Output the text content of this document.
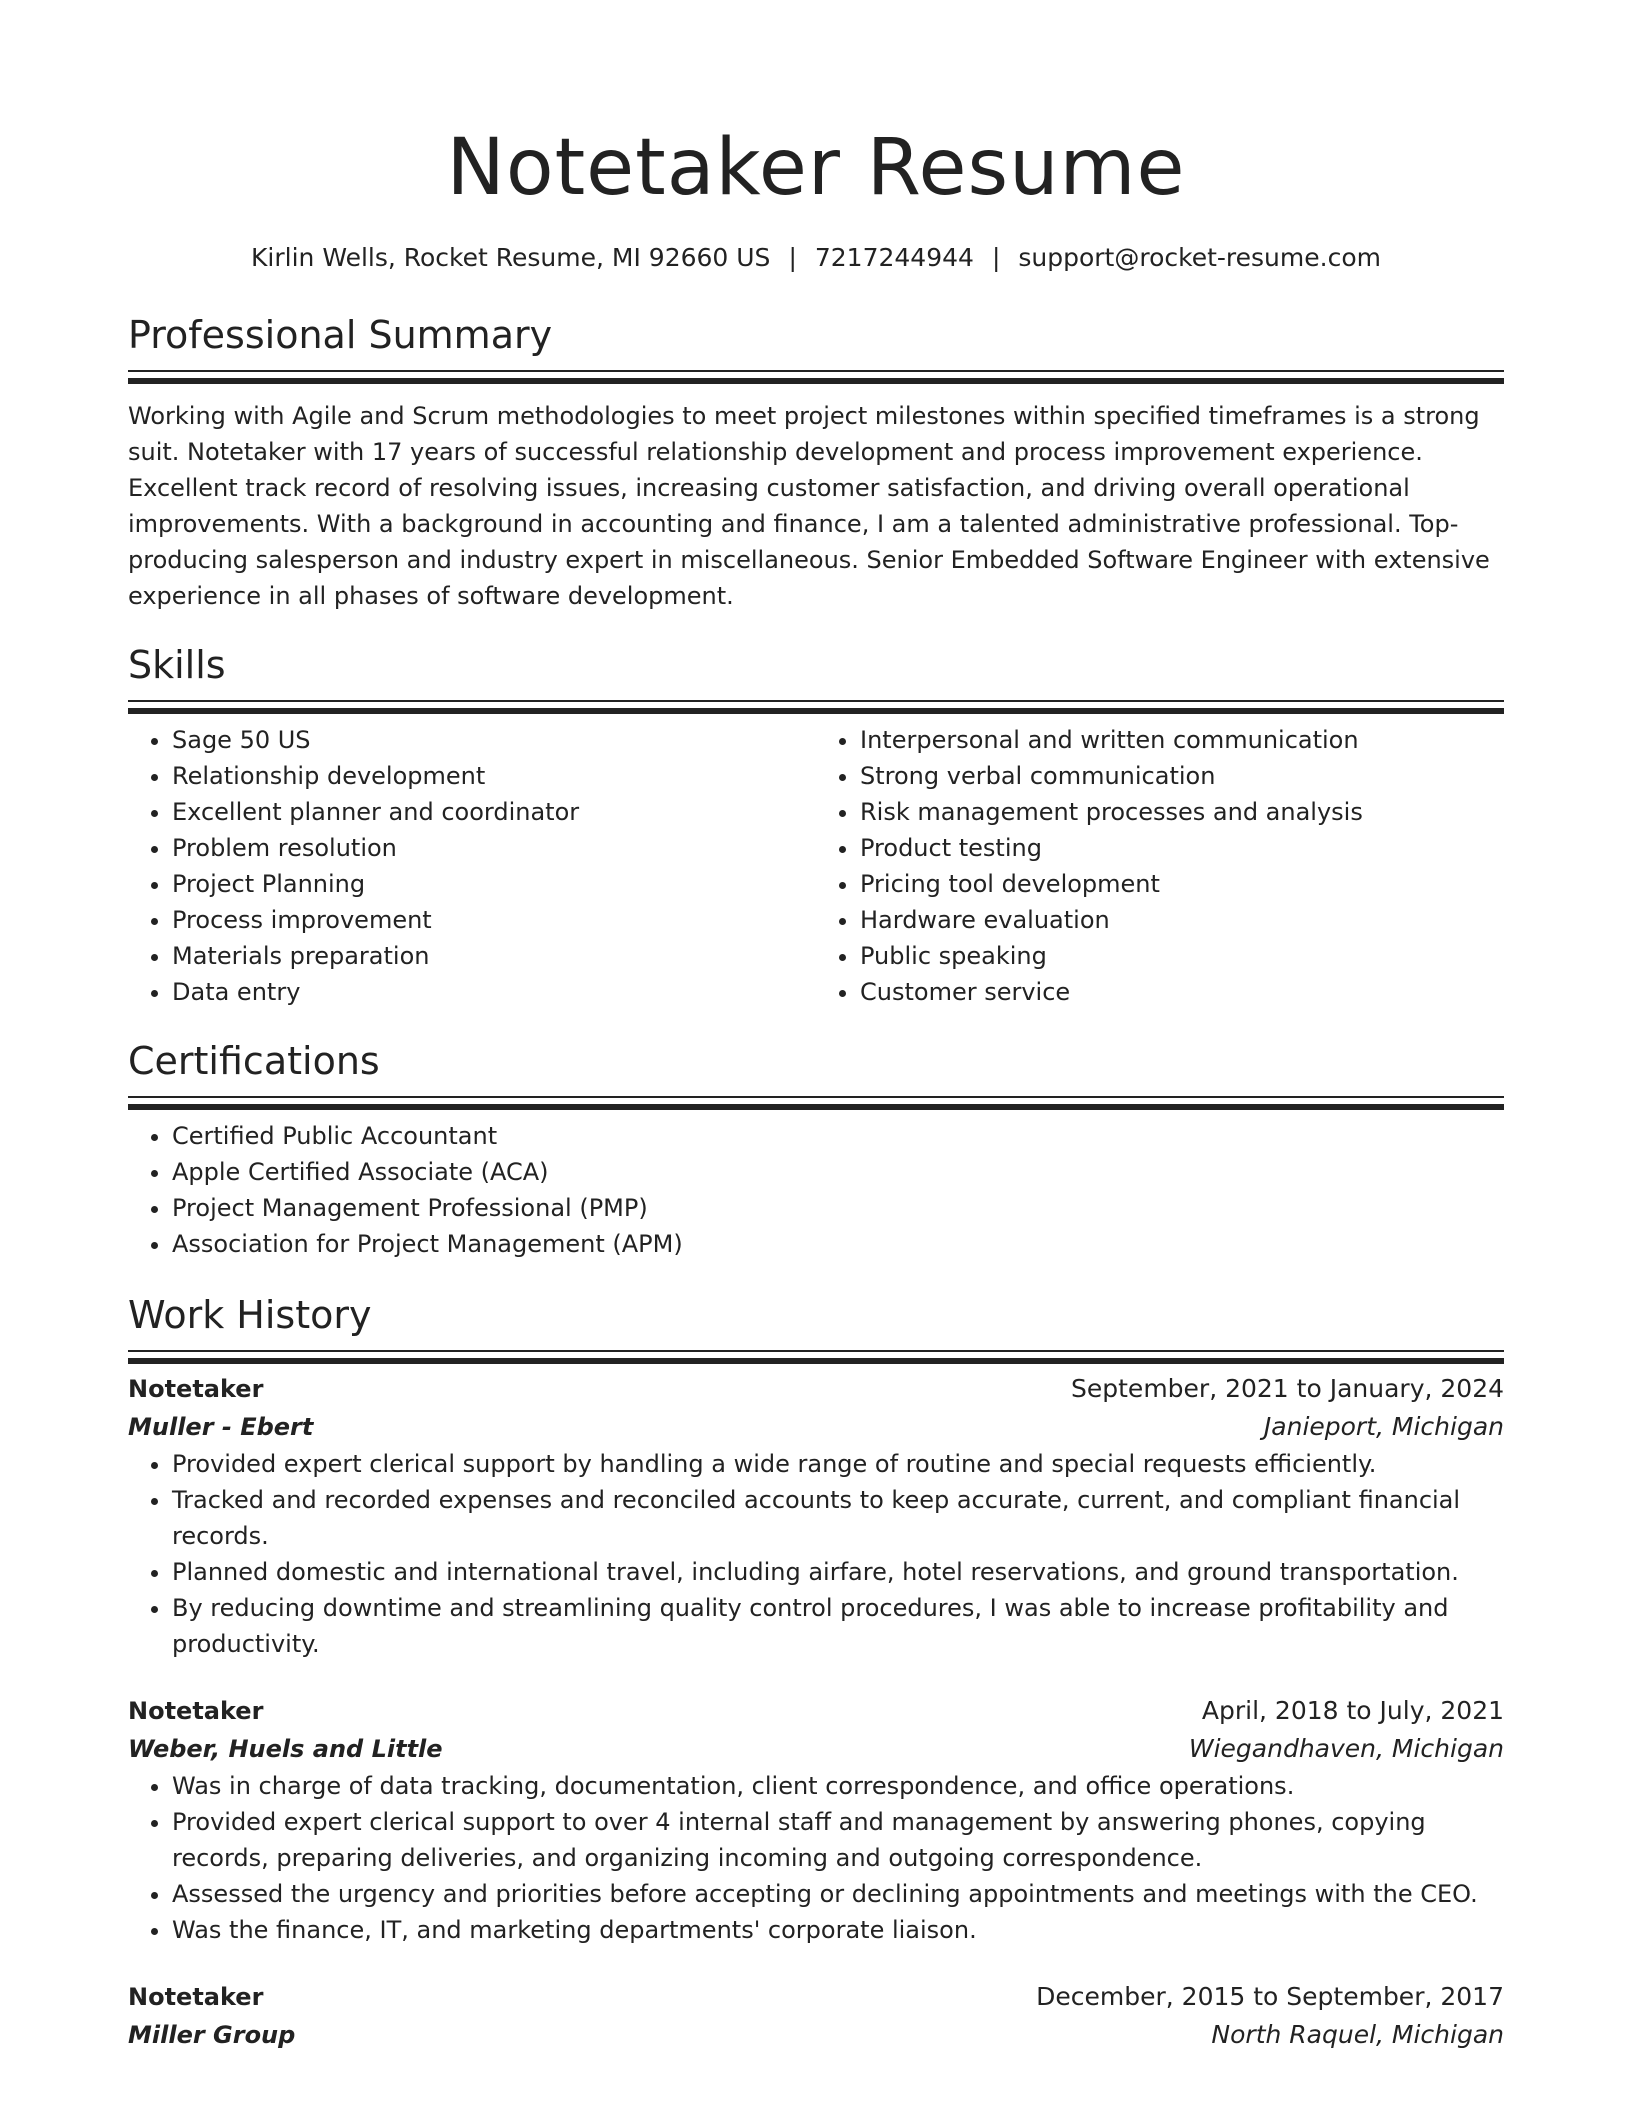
Notetaker Resume
Kirlin Wells, Rocket Resume, MI 92660 US | 7217244944 | support@rocket-resume.com
Professional Summary
Working with Agile and Scrum methodologies to meet project milestones within specified timeframes is a strong suit. Notetaker with 17 years of successful relationship development and process improvement experience. Excellent track record of resolving issues, increasing customer satisfaction, and driving overall operational improvements. With a background in accounting and finance, I am a talented administrative professional. Top-producing salesperson and industry expert in miscellaneous. Senior Embedded Software Engineer with extensive experience in all phases of software development.
Skills
• Sage 50 US
• Relationship development
• Excellent planner and coordinator
• Problem resolution
• Project Planning
• Process improvement
• Materials preparation
• Data entry
• Interpersonal and written communication
• Strong verbal communication
• Risk management processes and analysis
• Product testing
• Pricing tool development
• Hardware evaluation
• Public speaking
• Customer service
Certifications
• Certified Public Accountant
• Apple Certified Associate (ACA)
• Project Management Professional (PMP)
• Association for Project Management (APM)
Work History
Notetaker	September, 2021 to January, 2024
Muller - Ebert	Janieport, Michigan
• Provided expert clerical support by handling a wide range of routine and special requests efficiently.
• Tracked and recorded expenses and reconciled accounts to keep accurate, current, and compliant financial records.
• Planned domestic and international travel, including airfare, hotel reservations, and ground transportation.
• By reducing downtime and streamlining quality control procedures, I was able to increase profitability and productivity.
Notetaker	April, 2018 to July, 2021
Weber, Huels and Little	Wiegandhaven, Michigan
• Was in charge of data tracking, documentation, client correspondence, and office operations.
• Provided expert clerical support to over 4 internal staff and management by answering phones, copying records, preparing deliveries, and organizing incoming and outgoing correspondence.
• Assessed the urgency and priorities before accepting or declining appointments and meetings with the CEO.
• Was the finance, IT, and marketing departments' corporate liaison.
Notetaker	December, 2015 to September, 2017
Miller Group	North Raquel, Michigan
